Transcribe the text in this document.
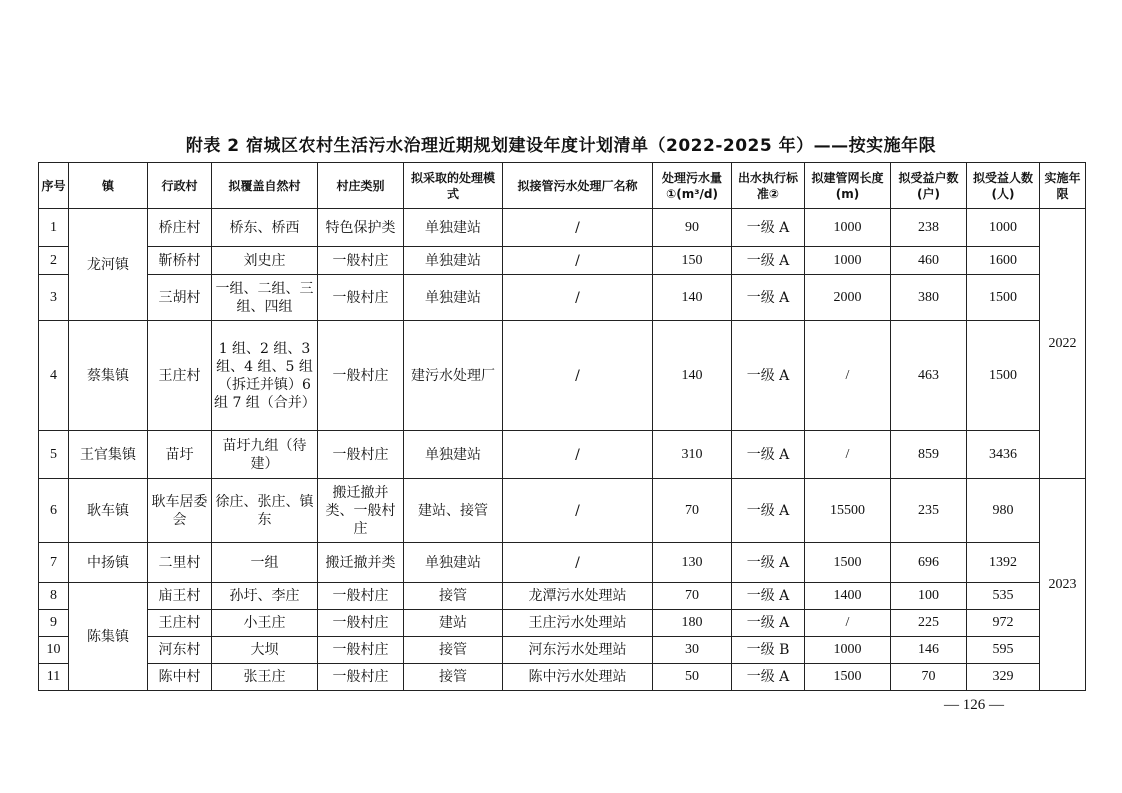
附表 2 宿城区农村生活污水治理近期规划建设年度计划清单（2022-2025 年）——按实施年限
序号	镇	行政村	拟覆盖自然村	村庄类别	拟采取的处理模式	拟接管污水处理厂名称	处理污水量①(m³/d)	出水执行标准②	拟建管网长度(m)	拟受益户数(户)	拟受益人数(人)	实施年限
1	龙河镇	桥庄村	桥东、桥西	特色保护类	单独建站	/	90	一级 A	1000	238	1000	2022
2		靳桥村	刘史庄	一般村庄	单独建站	/	150	一级 A	1000	460	1600	
3		三胡村	一组、二组、三组、四组	一般村庄	单独建站	/	140	一级 A	2000	380	1500	
4	蔡集镇	王庄村	1 组、2 组、3 组、4 组、5 组（拆迁并镇）6 组 7 组（合并）	一般村庄	建污水处理厂	/	140	一级 A	/	463	1500	
5	王官集镇	苗圩	苗圩九组（待建）	一般村庄	单独建站	/	310	一级 A	/	859	3436	
6	耿车镇	耿车居委会	徐庄、张庄、镇东	搬迁撤并类、一般村庄	建站、接管	/	70	一级 A	15500	235	980	2023
7	中扬镇	二里村	一组	搬迁撤并类	单独建站	/	130	一级 A	1500	696	1392	
8	陈集镇	庙王村	孙圩、李庄	一般村庄	接管	龙潭污水处理站	70	一级 A	1400	100	535	
9		王庄村	小王庄	一般村庄	建站	王庄污水处理站	180	一级 A	/	225	972	
10		河东村	大坝	一般村庄	接管	河东污水处理站	30	一级 B	1000	146	595	
11		陈中村	张王庄	一般村庄	接管	陈中污水处理站	50	一级 A	1500	70	329	
— 126 —
